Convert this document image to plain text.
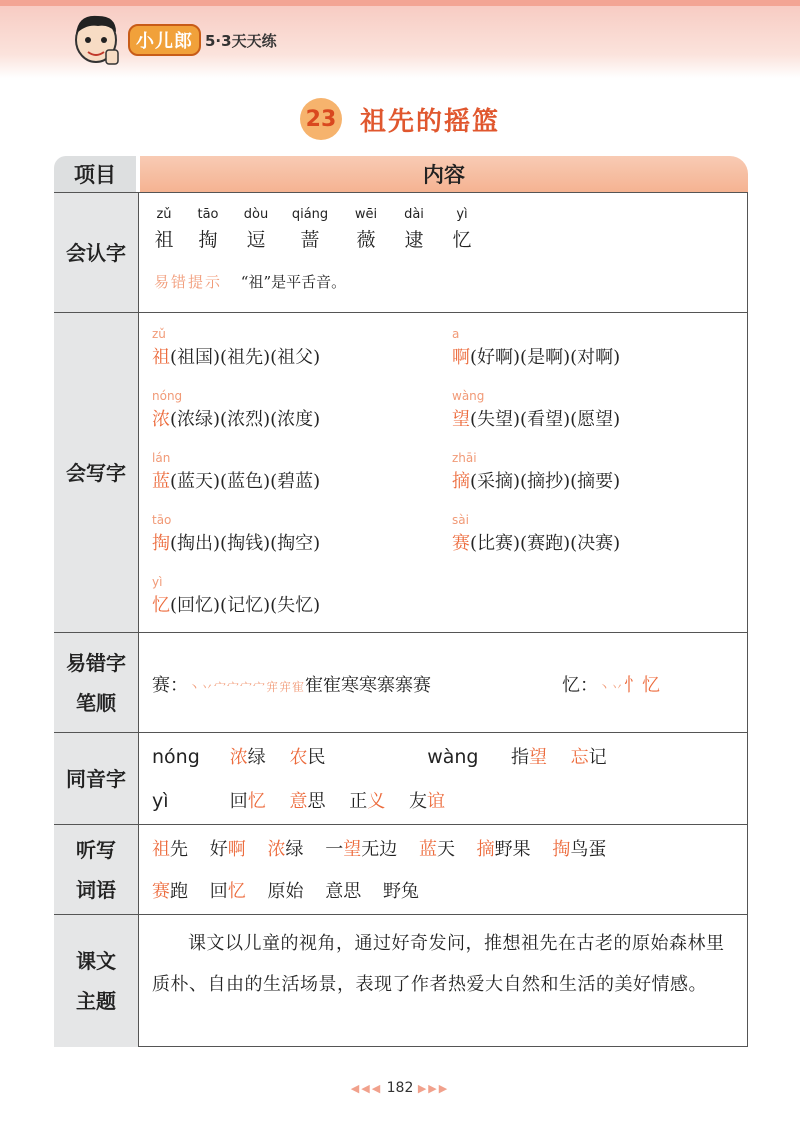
小儿郎 5·3天天练
23 祖先的摇篮
项目	内容
会认字
zǔ
祖
tāo
掏
dòu
逗
qiáng
蔷
wēi
薇
dài
逮
yì
忆
易错提示 “祖”是平舌音。
会写字
zǔ
祖(祖国)(祖先)(祖父)
a
啊(好啊)(是啊)(对啊)
nóng
浓(浓绿)(浓烈)(浓度)
wàng
望(失望)(看望)(愿望)
lán
蓝(蓝天)(蓝色)(碧蓝)
zhāi
摘(采摘)(摘抄)(摘要)
tāo
掏(掏出)(掏钱)(掏空)
sài
赛(比赛)(赛跑)(决赛)
yì
忆(回忆)(记忆)(失忆)
易错字
笔顺
赛：丶丷宀宀宀宀宑宑寉寉寉寒寒寨寨赛	忆：丶丷忄忆
同音字
nóng 浓绿 农民	wàng 指望 忘记
yì	回忆 意思 正义 友谊
听写
词语
祖先 好啊 浓绿 一望无边 蓝天 摘野果 掏鸟蛋
赛跑 回忆 原始 意思 野兔
课文
主题
课文以儿童的视角，通过好奇发问，推想祖先在古老的原始森林里质朴、自由的生活场景，表现了作者热爱大自然和生活的美好情感。
◀◀◀ 182 ▶▶▶
